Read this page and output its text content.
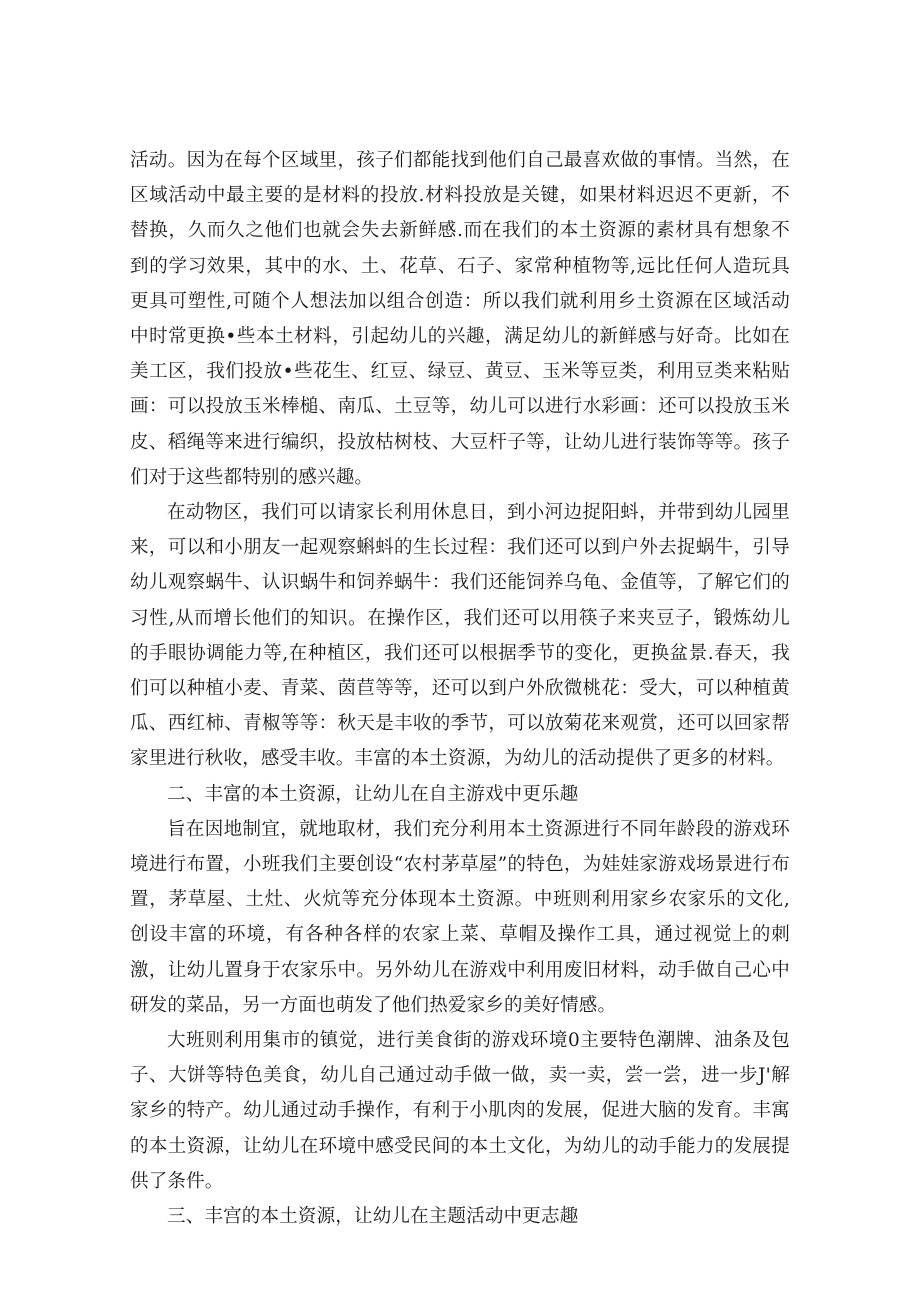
活动。因为在每个区域里，孩子们都能找到他们自己最喜欢做的事情。当然，在区域活动中最主要的是材料的投放.材料投放是关键，如果材料迟迟不更新，不替换，久而久之他们也就会失去新鲜感.而在我们的本土资源的素材具有想象不到的学习效果，其中的水、土、花草、石子、家常种植物等,远比任何人造玩具更具可塑性,可随个人想法加以组合创造：所以我们就利用乡土资源在区域活动中时常更换•些本土材料，引起幼儿的兴趣，满足幼儿的新鲜感与好奇。比如在美工区，我们投放•些花生、红豆、绿豆、黄豆、玉米等豆类，利用豆类来粘贴画：可以投放玉米棒槌、南瓜、土豆等，幼儿可以进行水彩画：还可以投放玉米皮、稻绳等来进行编织，投放枯树枝、大豆杆子等，让幼儿进行装饰等等。孩子们对于这些都特别的感兴趣。

在动物区，我们可以请家长利用休息日，到小河边捉阳蚪，并带到幼儿园里来，可以和小朋友一起观察蝌蚪的生长过程：我们还可以到户外去捉蜗牛，引导幼儿观察蜗牛、认识蜗牛和饲养蜗牛：我们还能饲养乌龟、金值等，了解它们的习性,从而增长他们的知识。在操作区，我们还可以用筷子来夹豆子，锻炼幼儿的手眼协调能力等,在种植区，我们还可以根据季节的变化，更换盆景.春天，我们可以种植小麦、青菜、茵苣等等，还可以到户外欣微桃花：受大，可以种植黄瓜、西红柿、青椒等等：秋天是丰收的季节，可以放菊花来观赏，还可以回家帮家里进行秋收，感受丰收。丰富的本土资源，为幼儿的活动提供了更多的材料。

二、丰富的本土资源，让幼儿在自主游戏中更乐趣

旨在因地制宜，就地取材，我们充分利用本土资源进行不同年龄段的游戏环境进行布置，小班我们主要创设“农村茅草屋”的特色，为娃娃家游戏场景进行布置，茅草屋、土灶、火炕等充分体现本土资源。中班则利用家乡农家乐的文化,创设丰富的环境，有各种各样的农家上菜、草帽及操作工具，通过视觉上的刺激，让幼儿置身于农家乐中。另外幼儿在游戏中利用废旧材料，动手做自己心中研发的菜品，另一方面也萌发了他们热爱家乡的美好情感。

大班则利用集市的镇觉，进行美食街的游戏环境0主要特色潮牌、油条及包子、大饼等特色美食，幼儿自己通过动手做一做，卖一卖，尝一尝，进一步J'解家乡的特产。幼儿通过动手操作，有利于小肌肉的发展，促进大脑的发育。丰寓的本土资源，让幼儿在环境中感受民间的本土文化，为幼儿的动手能力的发展提供了条件。

三、丰宫的本土资源，让幼儿在主题活动中更志趣
